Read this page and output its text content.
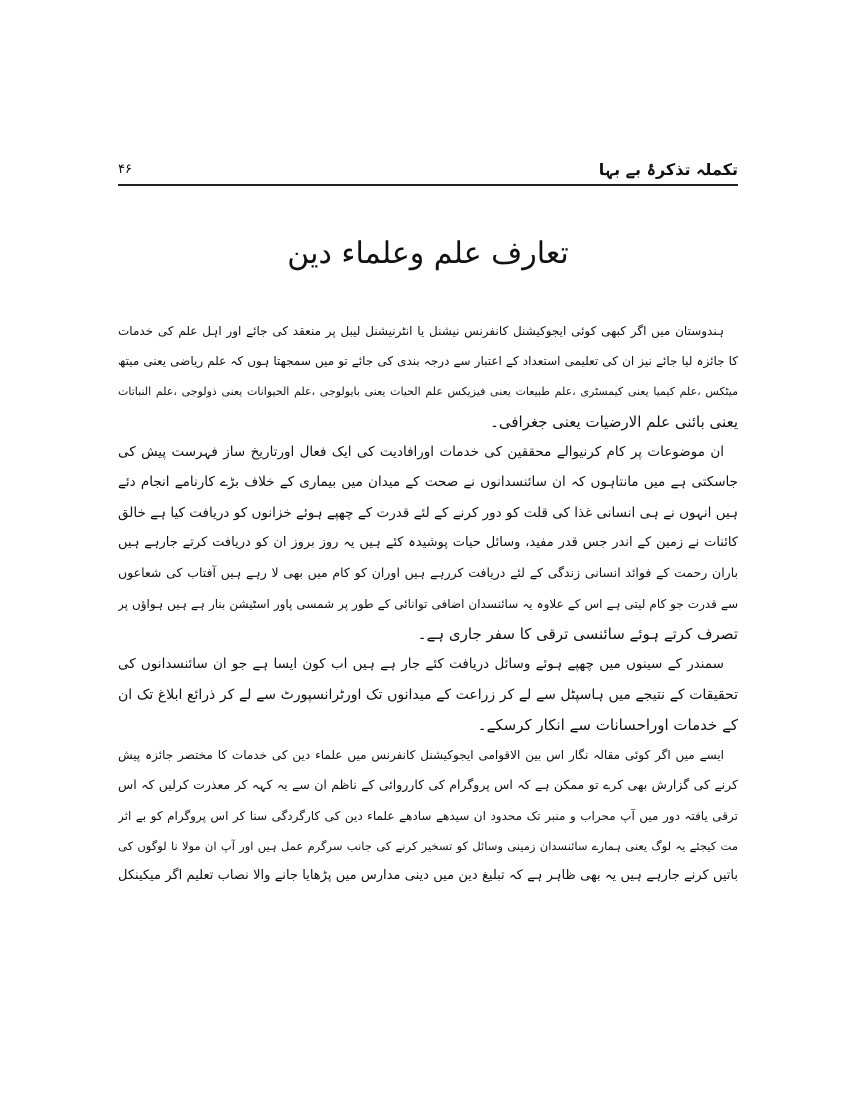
تکملہ تذکرۂ بے بہا
۴۶
تعارف علم وعلماء دین
ہندوستان میں اگر کبھی کوئی ایجوکیشنل کانفرنس نیشنل یا انٹرنیشنل لیبل پر منعقد کی جائے اور اہل علم کی خدمات
کا جائزہ لیا جائے نیز ان کی تعلیمی استعداد کے اعتبار سے درجہ بندی کی جائے تو میں سمجھتا ہوں کہ علم ریاضی یعنی میتھ
میٹکس ،علم کیمیا یعنی کیمسٹری ،علم طبیعات یعنی فیزیکس علم الحیات یعنی بایولوجی ،علم الحیوانات یعنی ذولوجی ،علم النباتات
یعنی بائنی علم الارضیات یعنی جغرافی۔
ان موضوعات پر کام کرنیوالے محققین کی خدمات اورافادیت کی ایک فعال اورتاریخ ساز فہرست پیش کی
جاسکتی ہے میں مانتاہوں کہ ان سائنسدانوں نے صحت کے میدان میں بیماری کے خلاف بڑے کارنامے انجام دئے
ہیں انہوں نے ہی انسانی غذا کی قلت کو دور کرنے کے لئے قدرت کے چھپے ہوئے خزانوں کو دریافت کیا ہے خالق
کائنات نے زمین کے اندر جس قدر مفید، وسائل حیات پوشیدہ کئے ہیں یہ روز بروز ان کو دریافت کرتے جارہے ہیں
باران رحمت کے فوائد انسانی زندگی کے لئے دریافت کررہے ہیں اوران کو کام میں بھی لا رہے ہیں آفتاب کی شعاعوں
سے قدرت جو کام لیتی ہے اس کے علاوہ یہ سائنسدان اضافی توانائی کے طور پر شمسی پاور اسٹیشن بنار ہے ہیں ہواؤں پر
تصرف کرتے ہوئے سائنسی ترقی کا سفر جاری ہے۔
سمندر کے سینوں میں چھپے ہوئے وسائل دریافت کئے جار ہے ہیں اب کون ایسا ہے جو ان سائنسدانوں کی
تحقیقات کے نتیجے میں ہاسپٹل سے لے کر زراعت کے میدانوں تک اورٹرانسپورٹ سے لے کر ذرائع ابلاغ تک ان
کے خدمات اوراحسانات سے انکار کرسکے۔
ایسے میں اگر کوئی مقالہ نگار اس بین الاقوامی ایجوکیشنل کانفرنس میں علماء دین کی خدمات کا مختصر جائزہ پیش
کرنے کی گزارش بھی کرے تو ممکن ہے کہ اس پروگرام کی کارروائی کے ناظم ان سے یہ کہہ کر معذرت کرلیں کہ اس
ترقی یافتہ دور میں آپ محراب و منبر تک محدود ان سیدھے سادھے علماء دین کی کارگردگی سنا کر اس پروگرام کو بے اثر
مت کیجئے یہ لوگ یعنی ہمارے سائنسدان زمینی وسائل کو تسخیر کرنے کی جانب سرگرم عمل ہیں اور آپ ان مولا نا لوگوں کی
باتیں کرنے جارہے ہیں یہ بھی ظاہر ہے کہ تبلیغ دین میں دینی مدارس میں پڑھایا جانے والا نصاب تعلیم اگر میکینکل
